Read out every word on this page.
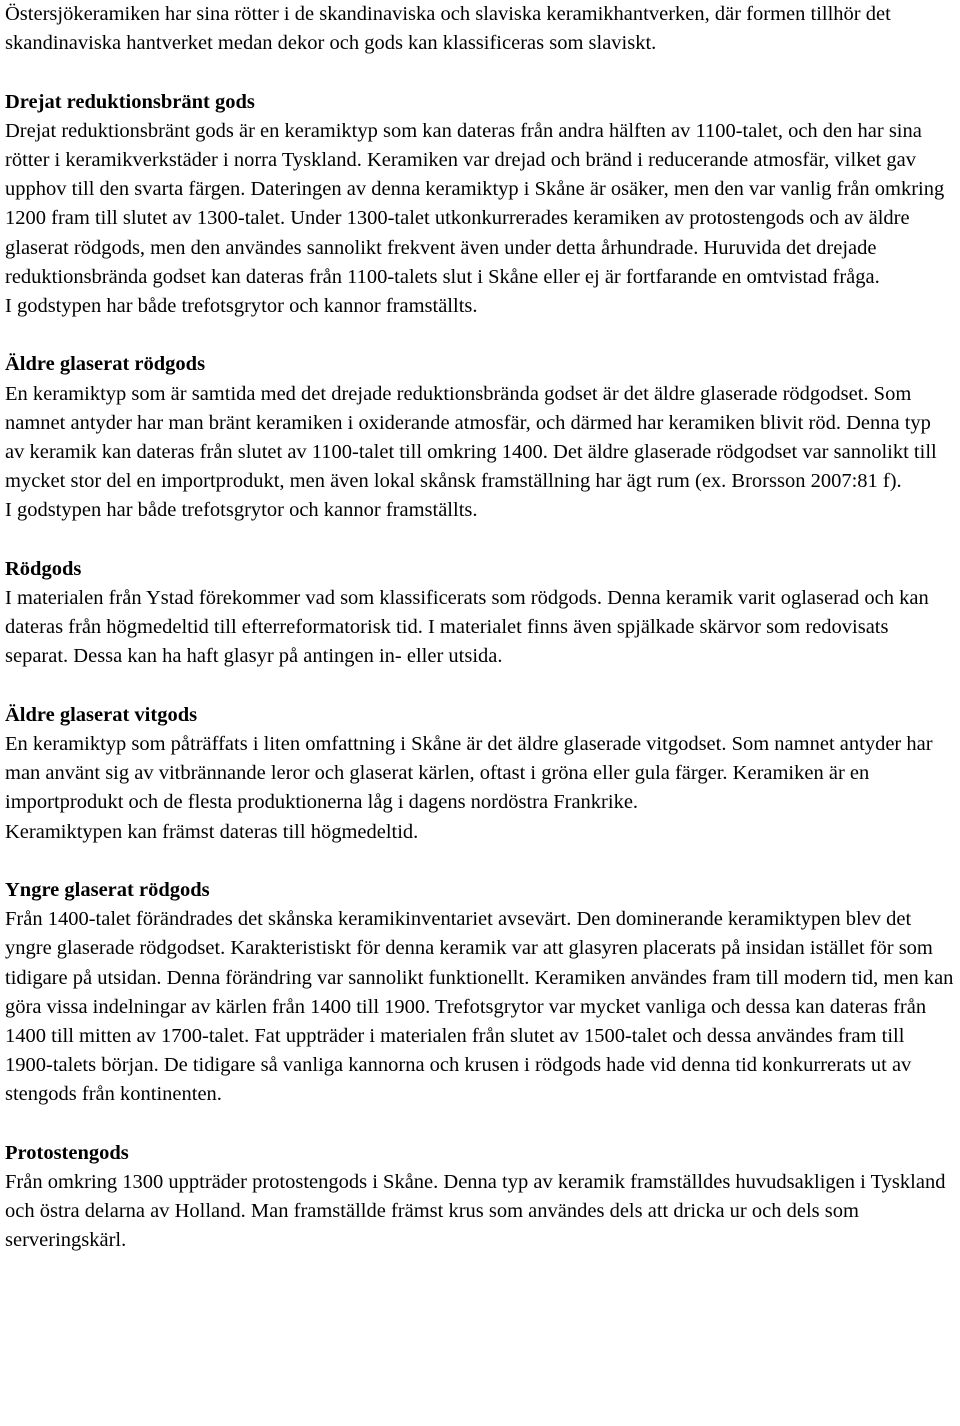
Östersjökeramiken har sina rötter i de skandinaviska och slaviska keramikhantverken, där formen tillhör det skandinaviska hantverket medan dekor och gods kan klassificeras som slaviskt.

Drejat reduktionsbränt gods

Drejat reduktionsbränt gods är en keramiktyp som kan dateras från andra hälften av 1100-talet, och den har sina rötter i keramikverkstäder i norra Tyskland. Keramiken var drejad och bränd i reducerande atmosfär, vilket gav upphov till den svarta färgen. Dateringen av denna keramiktyp i Skåne är osäker, men den var vanlig från omkring 1200 fram till slutet av 1300-talet. Under 1300-talet utkonkurrerades keramiken av protostengods och av äldre glaserat rödgods, men den användes sannolikt frekvent även under detta århundrade. Huruvida det drejade reduktionsbrända godset kan dateras från 1100-talets slut i Skåne eller ej är fortfarande en omtvistad fråga.

I godstypen har både trefotsgrytor och kannor framställts.

Äldre glaserat rödgods

En keramiktyp som är samtida med det drejade reduktionsbrända godset är det äldre glaserade rödgodset. Som namnet antyder har man bränt keramiken i oxiderande atmosfär, och därmed har keramiken blivit röd. Denna typ av keramik kan dateras från slutet av 1100-talet till omkring 1400. Det äldre glaserade rödgodset var sannolikt till mycket stor del en importprodukt, men även lokal skånsk framställning har ägt rum (ex. Brorsson 2007:81 f).

I godstypen har både trefotsgrytor och kannor framställts.

Rödgods

I materialen från Ystad förekommer vad som klassificerats som rödgods. Denna keramik varit oglaserad och kan dateras från högmedeltid till efterreformatorisk tid. I materialet finns även spjälkade skärvor som redovisats separat. Dessa kan ha haft glasyr på antingen in- eller utsida.

Äldre glaserat vitgods

En keramiktyp som påträffats i liten omfattning i Skåne är det äldre glaserade vitgodset. Som namnet antyder har man använt sig av vitbrännande leror och glaserat kärlen, oftast i gröna eller gula färger. Keramiken är en importprodukt och de flesta produktionerna låg i dagens nordöstra Frankrike.

Keramiktypen kan främst dateras till högmedeltid.

Yngre glaserat rödgods

Från 1400-talet förändrades det skånska keramikinventariet avsevärt. Den dominerande keramiktypen blev det yngre glaserade rödgodset. Karakteristiskt för denna keramik var att glasyren placerats på insidan istället för som tidigare på utsidan. Denna förändring var sannolikt funktionellt. Keramiken användes fram till modern tid, men kan göra vissa indelningar av kärlen från 1400 till 1900. Trefotsgrytor var mycket vanliga och dessa kan dateras från 1400 till mitten av 1700-talet. Fat uppträder i materialen från slutet av 1500-talet och dessa användes fram till 1900-talets början. De tidigare så vanliga kannorna och krusen i rödgods hade vid denna tid konkurrerats ut av stengods från kontinenten.

Protostengods

Från omkring 1300 uppträder protostengods i Skåne. Denna typ av keramik framställdes huvudsakligen i Tyskland och östra delarna av Holland. Man framställde främst krus som användes dels att dricka ur och dels som serveringskärl.
